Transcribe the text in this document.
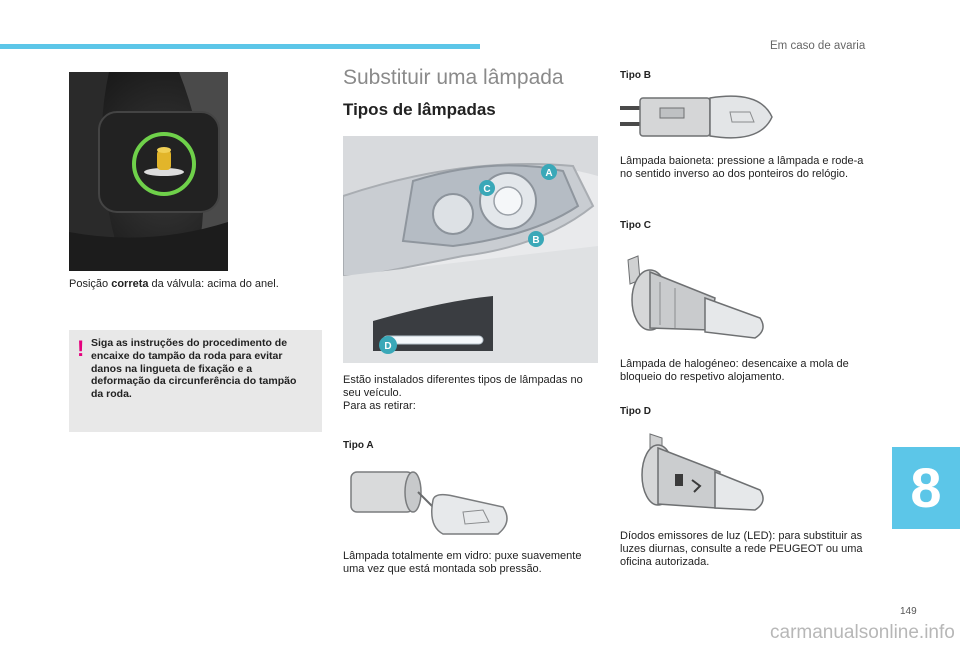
Em caso de avaria
Posição correta da válvula: acima do anel.
! Siga as instruções do procedimento de encaixe do tampão da roda para evitar danos na lingueta de fixação e a deformação da circunferência do tampão da roda.
Substituir uma lâmpada
Tipos de lâmpadas
C
A
B
D
Estão instalados diferentes tipos de lâmpadas no seu veículo.
Para as retirar:
Tipo A
Lâmpada totalmente em vidro: puxe suavemente uma vez que está montada sob pressão.
Tipo B
Lâmpada baioneta: pressione a lâmpada e rode-a no sentido inverso ao dos ponteiros do relógio.
Tipo C
Lâmpada de halogéneo: desencaixe a mola de bloqueio do respetivo alojamento.
Tipo D
Díodos emissores de luz (LED): para substituir as luzes diurnas, consulte a rede PEUGEOT ou uma oficina autorizada.
8
149
carmanualsonline.info
